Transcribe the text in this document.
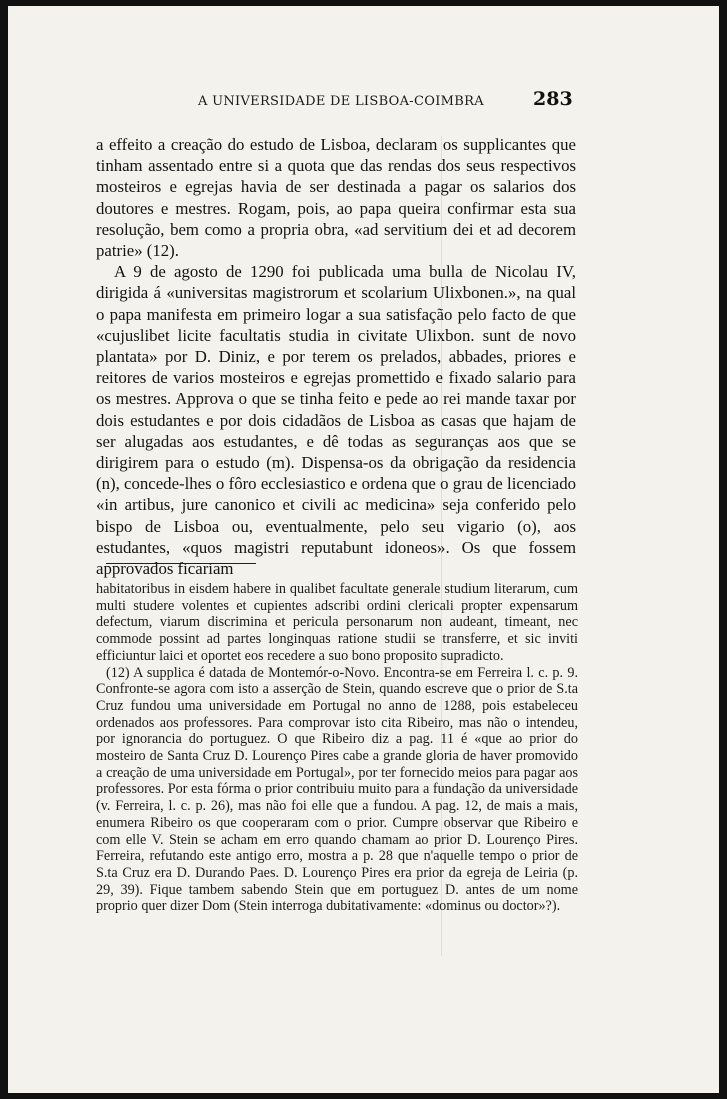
A UNIVERSIDADE DE LISBOA-COIMBRA	283

a effeito a creação do estudo de Lisboa, declaram os supplicantes que tinham assentado entre si a quota que das rendas dos seus respectivos mosteiros e egrejas havia de ser destinada a pagar os salarios dos doutores e mestres. Rogam, pois, ao papa queira confirmar esta sua resolução, bem como a propria obra, «ad servitium dei et ad decorem patrie» (12).

A 9 de agosto de 1290 foi publicada uma bulla de Nicolau IV, dirigida á «universitas magistrorum et scolarium Ulixbonen.», na qual o papa manifesta em primeiro logar a sua satisfação pelo facto de que «cujuslibet licite facultatis studia in civitate Ulixbon. sunt de novo plantata» por D. Diniz, e por terem os prelados, abbades, priores e reitores de varios mosteiros e egrejas promettido e fixado salario para os mestres. Approva o que se tinha feito e pede ao rei mande taxar por dois estudantes e por dois cidadãos de Lisboa as casas que hajam de ser alugadas aos estudantes, e dê todas as seguranças aos que se dirigirem para o estudo (m). Dispensa-os da obrigação da residencia (n), concede-lhes o fôro ecclesiastico e ordena que o grau de licenciado «in artibus, jure canonico et civili ac medicina» seja conferido pelo bispo de Lisboa ou, eventualmente, pelo seu vigario (o), aos estudantes, «quos magistri reputabunt idoneos». Os que fossem approvados ficariam

habitatoribus in eisdem habere in qualibet facultate generale studium literarum, cum multi studere volentes et cupientes adscribi ordini clericali propter expensarum defectum, viarum discrimina et pericula personarum non audeant, timeant, nec commode possint ad partes longinquas ratione studii se transferre, et sic inviti efficiuntur laici et oportet eos recedere a suo bono proposito supradicto.

(12) A supplica é datada de Montemór-o-Novo. Encontra-se em Ferreira l. c. p. 9. Confronte-se agora com isto a asserção de Stein, quando escreve que o prior de S.ta Cruz fundou uma universidade em Portugal no anno de 1288, pois estabeleceu ordenados aos professores. Para comprovar isto cita Ribeiro, mas não o intendeu, por ignorancia do portuguez. O que Ribeiro diz a pag. 11 é «que ao prior do mosteiro de Santa Cruz D. Lourenço Pires cabe a grande gloria de haver promovido a creação de uma universidade em Portugal», por ter fornecido meios para pagar aos professores. Por esta fórma o prior contribuiu muito para a fundação da universidade (v. Ferreira, l. c. p. 26), mas não foi elle que a fundou. A pag. 12, de mais a mais, enumera Ribeiro os que cooperaram com o prior. Cumpre observar que Ribeiro e com elle V. Stein se acham em erro quando chamam ao prior D. Lourenço Pires. Ferreira, refutando este antigo erro, mostra a p. 28 que n'aquelle tempo o prior de S.ta Cruz era D. Durando Paes. D. Lourenço Pires era prior da egreja de Leiria (p. 29, 39). Fique tambem sabendo Stein que em portuguez D. antes de um nome proprio quer dizer Dom (Stein interroga dubitativamente: «dominus ou doctor»?).
